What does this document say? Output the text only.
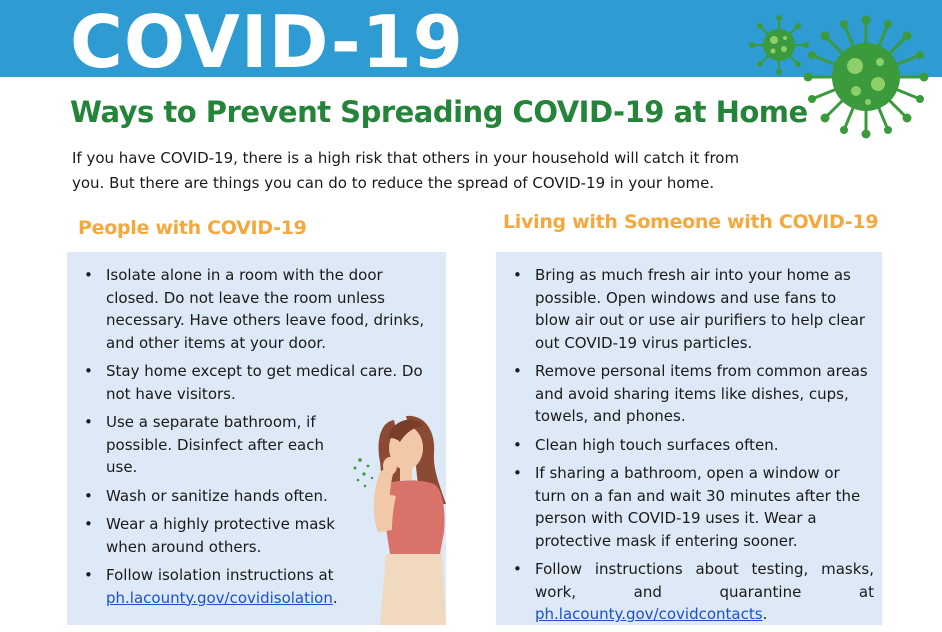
COVID-19
Ways to Prevent Spreading COVID-19 at Home
If you have COVID-19, there is a high risk that others in your household will catch it from you. But there are things you can do to reduce the spread of COVID-19 in your home.
People with COVID-19	Living with Someone with COVID-19
• Isolate alone in a room with the door closed. Do not leave the room unless necessary. Have others leave food, drinks, and other items at your door.
• Stay home except to get medical care. Do not have visitors.
• Use a separate bathroom, if possible. Disinfect after each use.
• Wash or sanitize hands often.
• Wear a highly protective mask when around others.
• Follow isolation instructions at ph.lacounty.gov/covidisolation.
• Bring as much fresh air into your home as possible. Open windows and use fans to blow air out or use air purifiers to help clear out COVID-19 virus particles.
• Remove personal items from common areas and avoid sharing items like dishes, cups, towels, and phones.
• Clean high touch surfaces often.
• If sharing a bathroom, open a window or turn on a fan and wait 30 minutes after the person with COVID-19 uses it. Wear a protective mask if entering sooner.
• Follow instructions about testing, masks, work, and quarantine at ph.lacounty.gov/covidcontacts.
